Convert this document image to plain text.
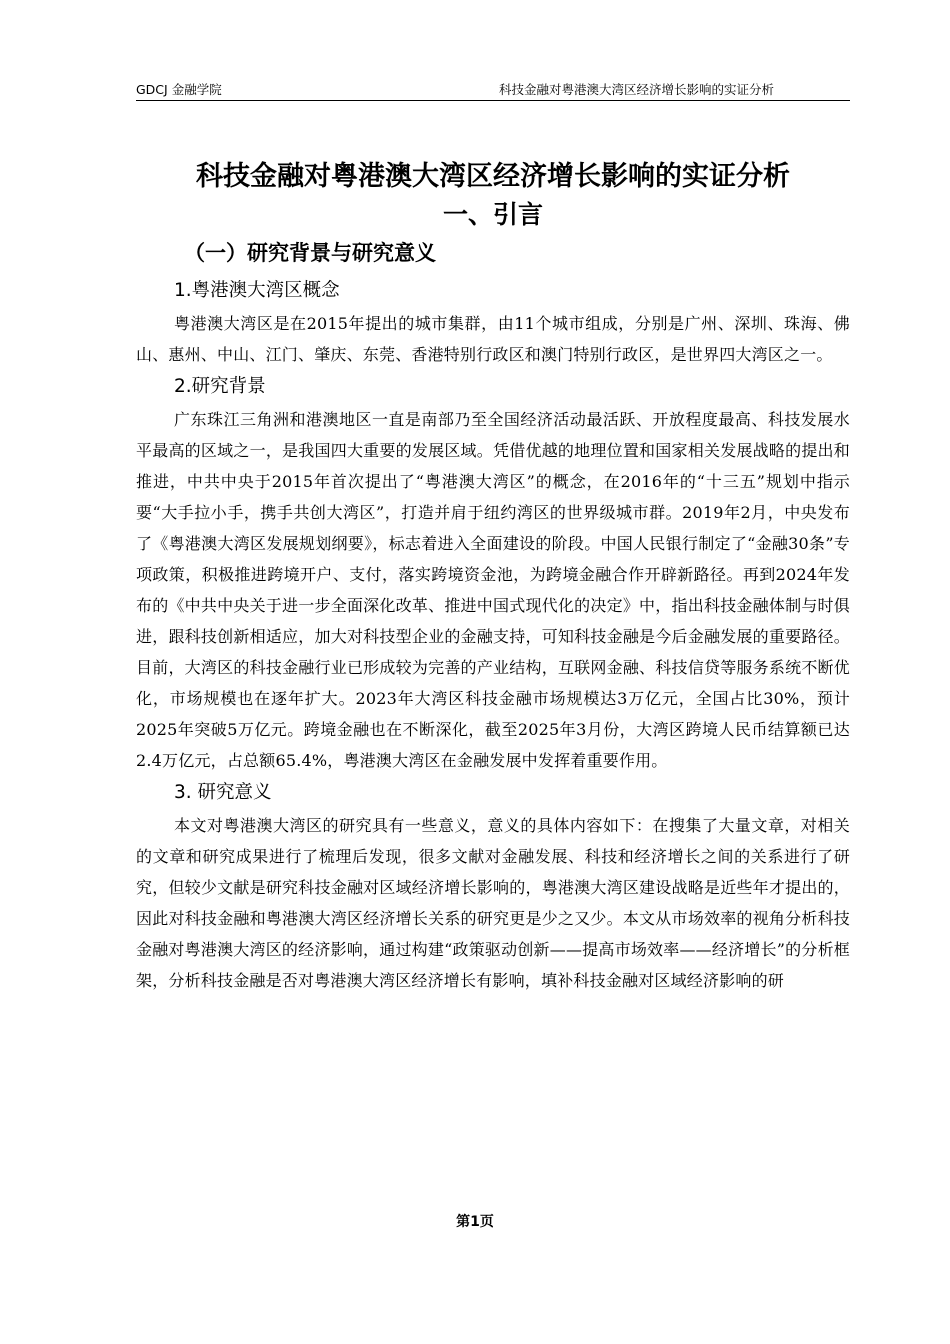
GDCJ 金融学院	科技金融对粤港澳大湾区经济增长影响的实证分析
科技金融对粤港澳大湾区经济增长影响的实证分析
一、引言
（一）研究背景与研究意义
1.粤港澳大湾区概念

粤港澳大湾区是在2015年提出的城市集群，由11个城市组成，分别是广州、深圳、珠海、佛山、惠州、中山、江门、肇庆、东莞、香港特别行政区和澳门特别行政区，是世界四大湾区之一。

2.研究背景

广东珠江三角洲和港澳地区一直是南部乃至全国经济活动最活跃、开放程度最高、科技发展水平最高的区域之一，是我国四大重要的发展区域。凭借优越的地理位置和国家相关发展战略的提出和推进，中共中央于2015年首次提出了“粤港澳大湾区”的概念，在2016年的“十三五”规划中指示要“大手拉小手，携手共创大湾区”，打造并肩于纽约湾区的世界级城市群。2019年2月，中央发布了《粤港澳大湾区发展规划纲要》，标志着进入全面建设的阶段。中国人民银行制定了“金融30条”专项政策，积极推进跨境开户、支付，落实跨境资金池，为跨境金融合作开辟新路径。再到2024年发布的《中共中央关于进一步全面深化改革、推进中国式现代化的决定》中，指出科技金融体制与时俱进，跟科技创新相适应，加大对科技型企业的金融支持，可知科技金融是今后金融发展的重要路径。目前，大湾区的科技金融行业已形成较为完善的产业结构，互联网金融、科技信贷等服务系统不断优化，市场规模也在逐年扩大。2023年大湾区科技金融市场规模达3万亿元，全国占比30%，预计2025年突破5万亿元。跨境金融也在不断深化，截至2025年3月份，大湾区跨境人民币结算额已达2.4万亿元，占总额65.4%，粤港澳大湾区在金融发展中发挥着重要作用。

3. 研究意义

本文对粤港澳大湾区的研究具有一些意义，意义的具体内容如下：在搜集了大量文章，对相关的文章和研究成果进行了梳理后发现，很多文献对金融发展、科技和经济增长之间的关系进行了研究，但较少文献是研究科技金融对区域经济增长影响的，粤港澳大湾区建设战略是近些年才提出的，因此对科技金融和粤港澳大湾区经济增长关系的研究更是少之又少。本文从市场效率的视角分析科技金融对粤港澳大湾区的经济影响，通过构建“政策驱动创新——提高市场效率——经济增长”的分析框架，分析科技金融是否对粤港澳大湾区经济增长有影响，填补科技金融对区域经济影响的研

第1页
